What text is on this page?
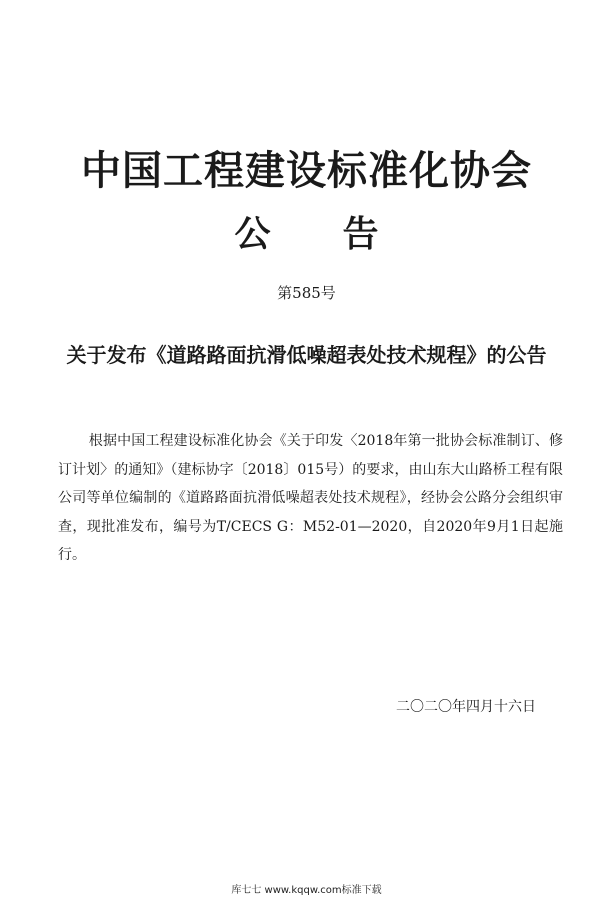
中国工程建设标准化协会
公 告
第585号
关于发布《道路路面抗滑低噪超表处技术规程》的公告
根据中国工程建设标准化协会《关于印发〈2018年第一批协会标准制订、修订计划〉的通知》（建标协字〔2018〕015号）的要求，由山东大山路桥工程有限公司等单位编制的《道路路面抗滑低噪超表处技术规程》，经协会公路分会组织审查，现批准发布，编号为T/CECS G：M52-01—2020，自2020年9月1日起施行。
二〇二〇年四月十六日
库七七 www.kqqw.com标准下载
